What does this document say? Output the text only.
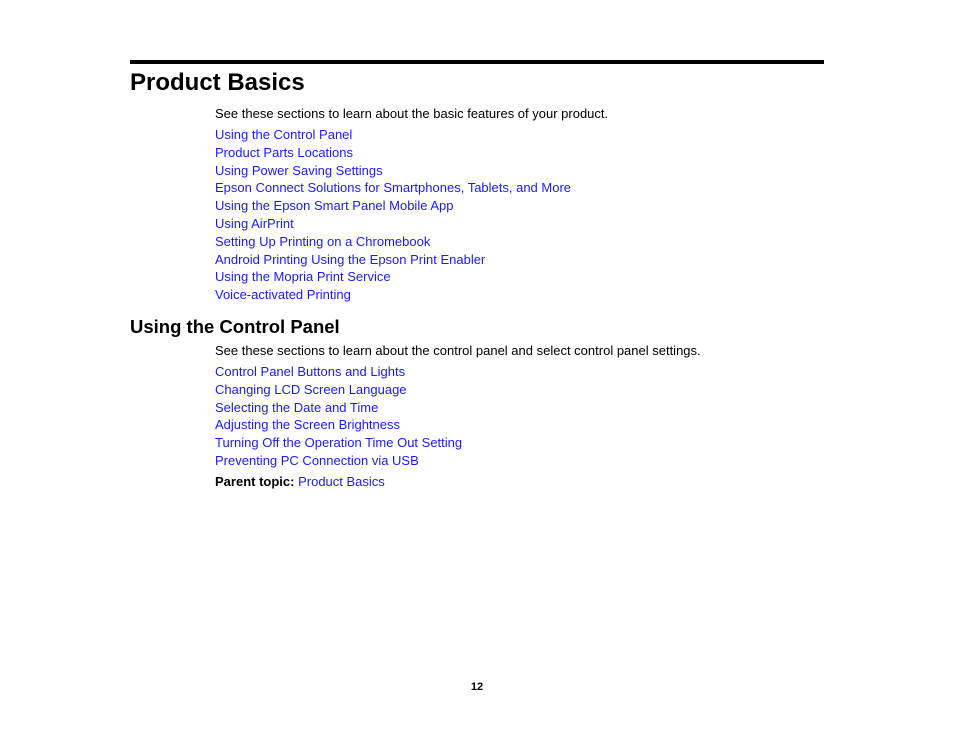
Product Basics
See these sections to learn about the basic features of your product.
Using the Control Panel
Product Parts Locations
Using Power Saving Settings
Epson Connect Solutions for Smartphones, Tablets, and More
Using the Epson Smart Panel Mobile App
Using AirPrint
Setting Up Printing on a Chromebook
Android Printing Using the Epson Print Enabler
Using the Mopria Print Service
Voice-activated Printing
Using the Control Panel
See these sections to learn about the control panel and select control panel settings.
Control Panel Buttons and Lights
Changing LCD Screen Language
Selecting the Date and Time
Adjusting the Screen Brightness
Turning Off the Operation Time Out Setting
Preventing PC Connection via USB
Parent topic: Product Basics
12
